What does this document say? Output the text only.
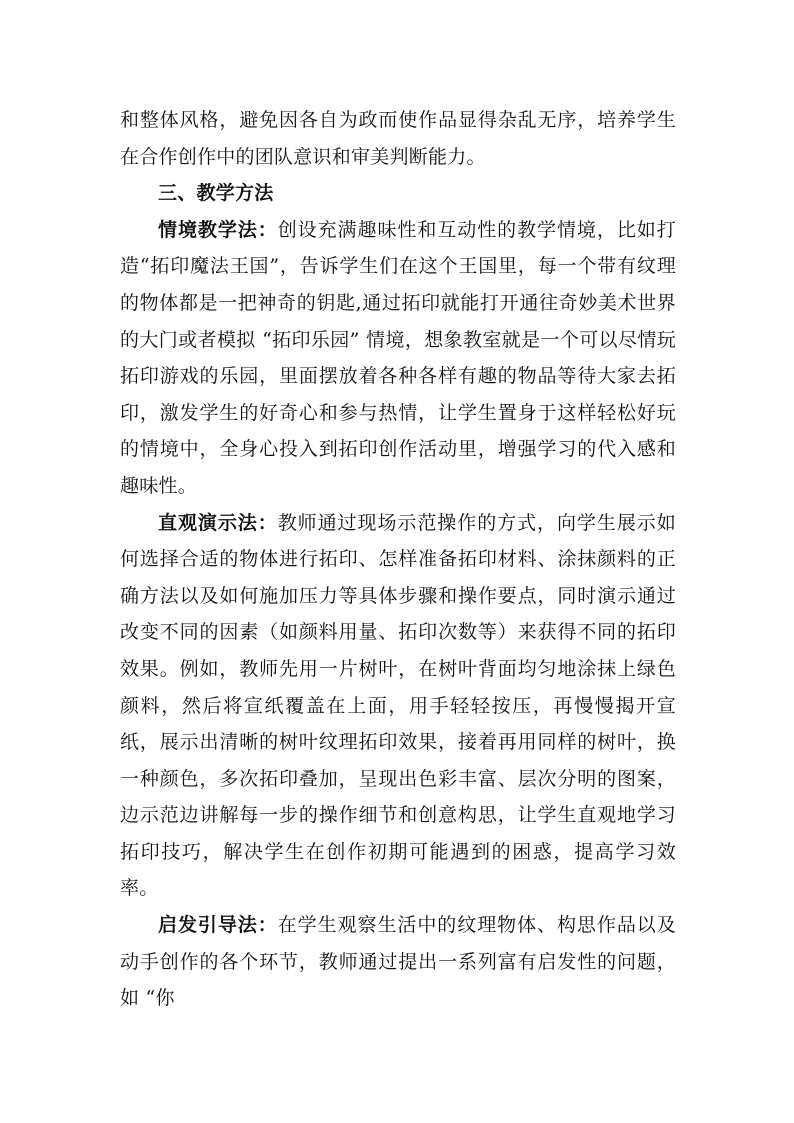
和整体风格，避免因各自为政而使作品显得杂乱无序，培养学生在合作创作中的团队意识和审美判断能力。

三、教学方法

情境教学法：创设充满趣味性和互动性的教学情境，比如打造“拓印魔法王国”，告诉学生们在这个王国里，每一个带有纹理的物体都是一把神奇的钥匙,通过拓印就能打开通往奇妙美术世界的大门或者模拟 “拓印乐园” 情境，想象教室就是一个可以尽情玩拓印游戏的乐园，里面摆放着各种各样有趣的物品等待大家去拓印，激发学生的好奇心和参与热情，让学生置身于这样轻松好玩的情境中，全身心投入到拓印创作活动里，增强学习的代入感和趣味性。

直观演示法：教师通过现场示范操作的方式，向学生展示如何选择合适的物体进行拓印、怎样准备拓印材料、涂抹颜料的正确方法以及如何施加压力等具体步骤和操作要点，同时演示通过改变不同的因素（如颜料用量、拓印次数等）来获得不同的拓印效果。例如，教师先用一片树叶，在树叶背面均匀地涂抹上绿色颜料，然后将宣纸覆盖在上面，用手轻轻按压，再慢慢揭开宣纸，展示出清晰的树叶纹理拓印效果，接着再用同样的树叶，换一种颜色，多次拓印叠加，呈现出色彩丰富、层次分明的图案，边示范边讲解每一步的操作细节和创意构思，让学生直观地学习拓印技巧，解决学生在创作初期可能遇到的困惑，提高学习效率。

启发引导法：在学生观察生活中的纹理物体、构思作品以及动手创作的各个环节，教师通过提出一系列富有启发性的问题，如 “你
